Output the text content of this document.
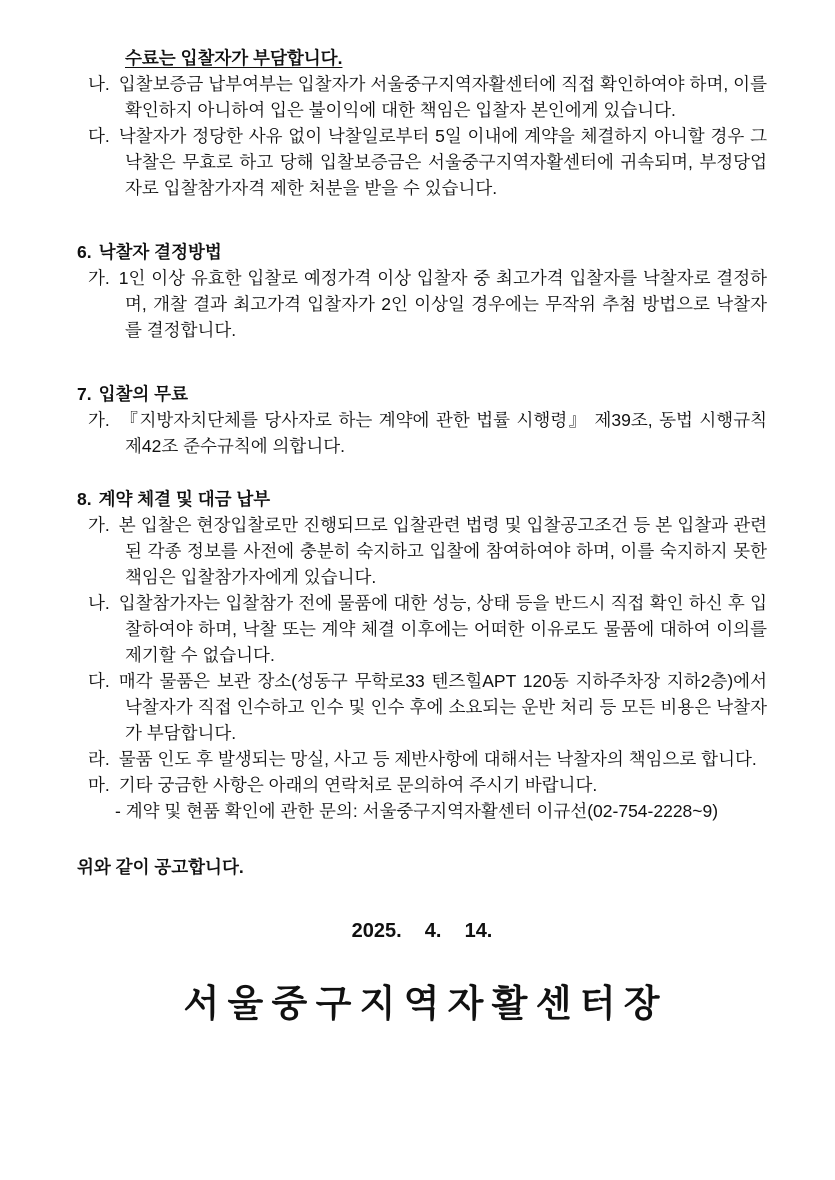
수료는 입찰자가 부담합니다.

나. 입찰보증금 납부여부는 입찰자가 서울중구지역자활센터에 직접 확인하여야 하며, 이를 확인하지 아니하여 입은 불이익에 대한 책임은 입찰자 본인에게 있습니다.

다. 낙찰자가 정당한 사유 없이 낙찰일로부터 5일 이내에 계약을 체결하지 아니할 경우 그 낙찰은 무효로 하고 당해 입찰보증금은 서울중구지역자활센터에 귀속되며, 부정당업자로 입찰참가자격 제한 처분을 받을 수 있습니다.

6. 낙찰자 결정방법

가. 1인 이상 유효한 입찰로 예정가격 이상 입찰자 중 최고가격 입찰자를 낙찰자로 결정하며, 개찰 결과 최고가격 입찰자가 2인 이상일 경우에는 무작위 추첨 방법으로 낙찰자를 결정합니다.

7. 입찰의 무료

가. 『지방자치단체를 당사자로 하는 계약에 관한 법률 시행령』 제39조, 동법 시행규칙 제42조 준수규칙에 의합니다.

8. 계약 체결 및 대금 납부

가. 본 입찰은 현장입찰로만 진행되므로 입찰관련 법령 및 입찰공고조건 등 본 입찰과 관련된 각종 정보를 사전에 충분히 숙지하고 입찰에 참여하여야 하며, 이를 숙지하지 못한 책임은 입찰참가자에게 있습니다.

나. 입찰참가자는 입찰참가 전에 물품에 대한 성능, 상태 등을 반드시 직접 확인 하신 후 입찰하여야 하며, 낙찰 또는 계약 체결 이후에는 어떠한 이유로도 물품에 대하여 이의를 제기할 수 없습니다.

다. 매각 물품은 보관 장소(성동구 무학로33 텐즈힐APT 120동 지하주차장 지하2층)에서 낙찰자가 직접 인수하고 인수 및 인수 후에 소요되는 운반 처리 등 모든 비용은 낙찰자가 부담합니다.

라. 물품 인도 후 발생되는 망실, 사고 등 제반사항에 대해서는 낙찰자의 책임으로 합니다.

마. 기타 궁금한 사항은 아래의 연락처로 문의하여 주시기 바랍니다.

- 계약 및 현품 확인에 관한 문의: 서울중구지역자활센터 이규선(02-754-2228~9)
위와 같이 공고합니다.
2025.  4.  14.
서 울 중 구 지 역 자 활 센 터 장
